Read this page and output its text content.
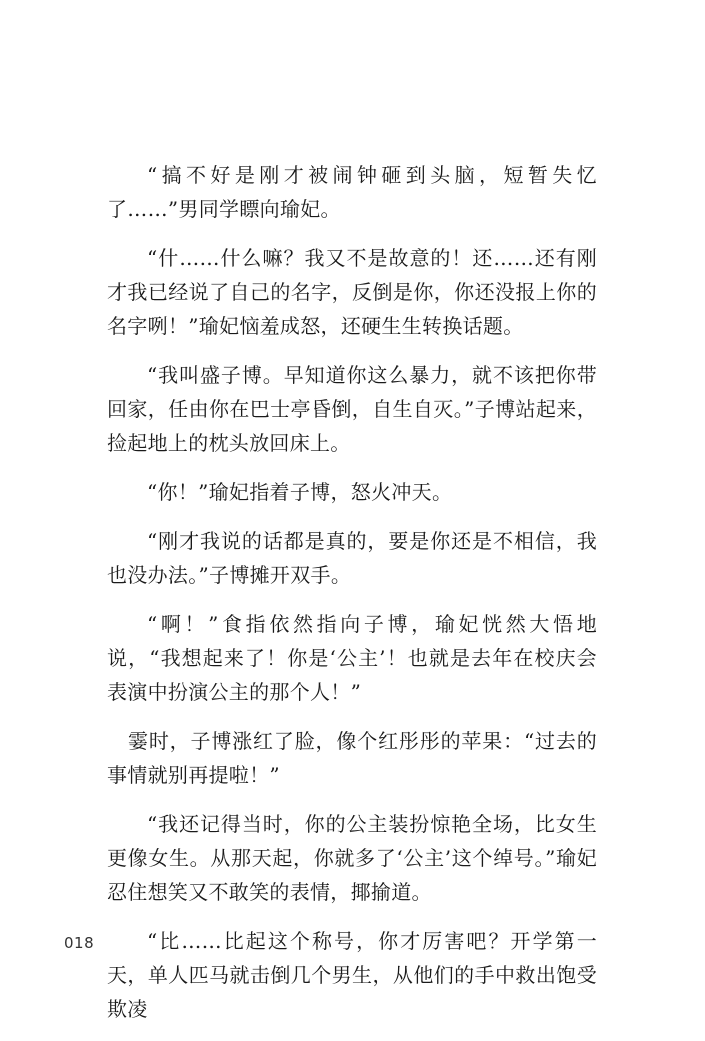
“搞不好是刚才被闹钟砸到头脑，短暂失忆了……”男同学瞟向瑜妃。

“什……什么嘛？我又不是故意的！还……还有刚才我已经说了自己的名字，反倒是你，你还没报上你的名字咧！”瑜妃恼羞成怒，还硬生生转换话题。

“我叫盛子博。早知道你这么暴力，就不该把你带回家，任由你在巴士亭昏倒，自生自灭。”子博站起来，捡起地上的枕头放回床上。

“你！”瑜妃指着子博，怒火冲天。

“刚才我说的话都是真的，要是你还是不相信，我也没办法。”子博摊开双手。

“啊！”食指依然指向子博，瑜妃恍然大悟地说，“我想起来了！你是‘公主’！也就是去年在校庆会表演中扮演公主的那个人！”

霎时，子博涨红了脸，像个红彤彤的苹果：“过去的事情就别再提啦！”

“我还记得当时，你的公主装扮惊艳全场，比女生更像女生。从那天起，你就多了‘公主’这个绰号。”瑜妃忍住想笑又不敢笑的表情，揶揄道。

“比……比起这个称号，你才厉害吧？开学第一天，单人匹马就击倒几个男生，从他们的手中救出饱受欺凌

018
